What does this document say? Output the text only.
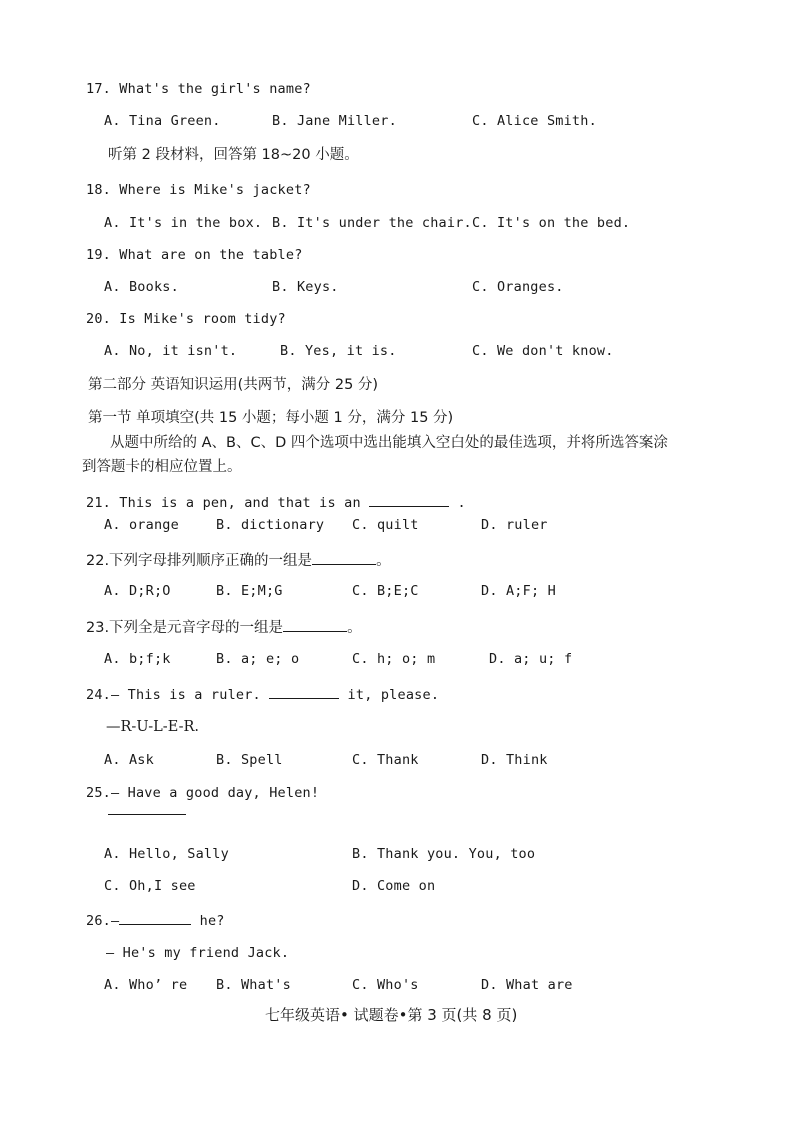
17. What's the girl's name?
A. Tina Green.	B. Jane Miller.	C. Alice Smith.
听第 2 段材料，回答第 18~20 小题。
18. Where is Mike's jacket?
A. It's in the box. B. It's under the chair. C. It's on the bed.
19. What are on the table?
A. Books.	B. Keys.	C. Oranges.
20. Is Mike's room tidy?
A. No, it isn't.	B. Yes, it is.	C. We don't know.
第二部分 英语知识运用(共两节，满分 25 分)
第一节 单项填空(共 15 小题；每小题 1 分，满分 15 分)
从题中所给的 A、B、C、D 四个选项中选出能填入空白处的最佳选项，并将所选答案涂
到答题卡的相应位置上。
21. This is a pen, and that is an	.
A. orange	B. dictionary C. quilt	D. ruler
22.下列字母排列顺序正确的一组是	。
A. D;R;O	B. E;M;G	C. B;E;C	D. A;F; H
23.下列全是元音字母的一组是	。
A. b;f;k	B. a; e; o	C. h; o; m	D. a; u; f
24.— This is a ruler.	it, please.
—R-U-L-E-R.
A. Ask	B. Spell	C. Thank	D. Think
25.— Have a good day, Helen!
A. Hello, Sally	B. Thank you. You, too
C. Oh,I see	D. Come on
26.—	he?
— He's my friend Jack.
A. Who’ re B. What's	C. Who's	D. What are
七年级英语• 试题卷•第 3 页(共 8 页)
